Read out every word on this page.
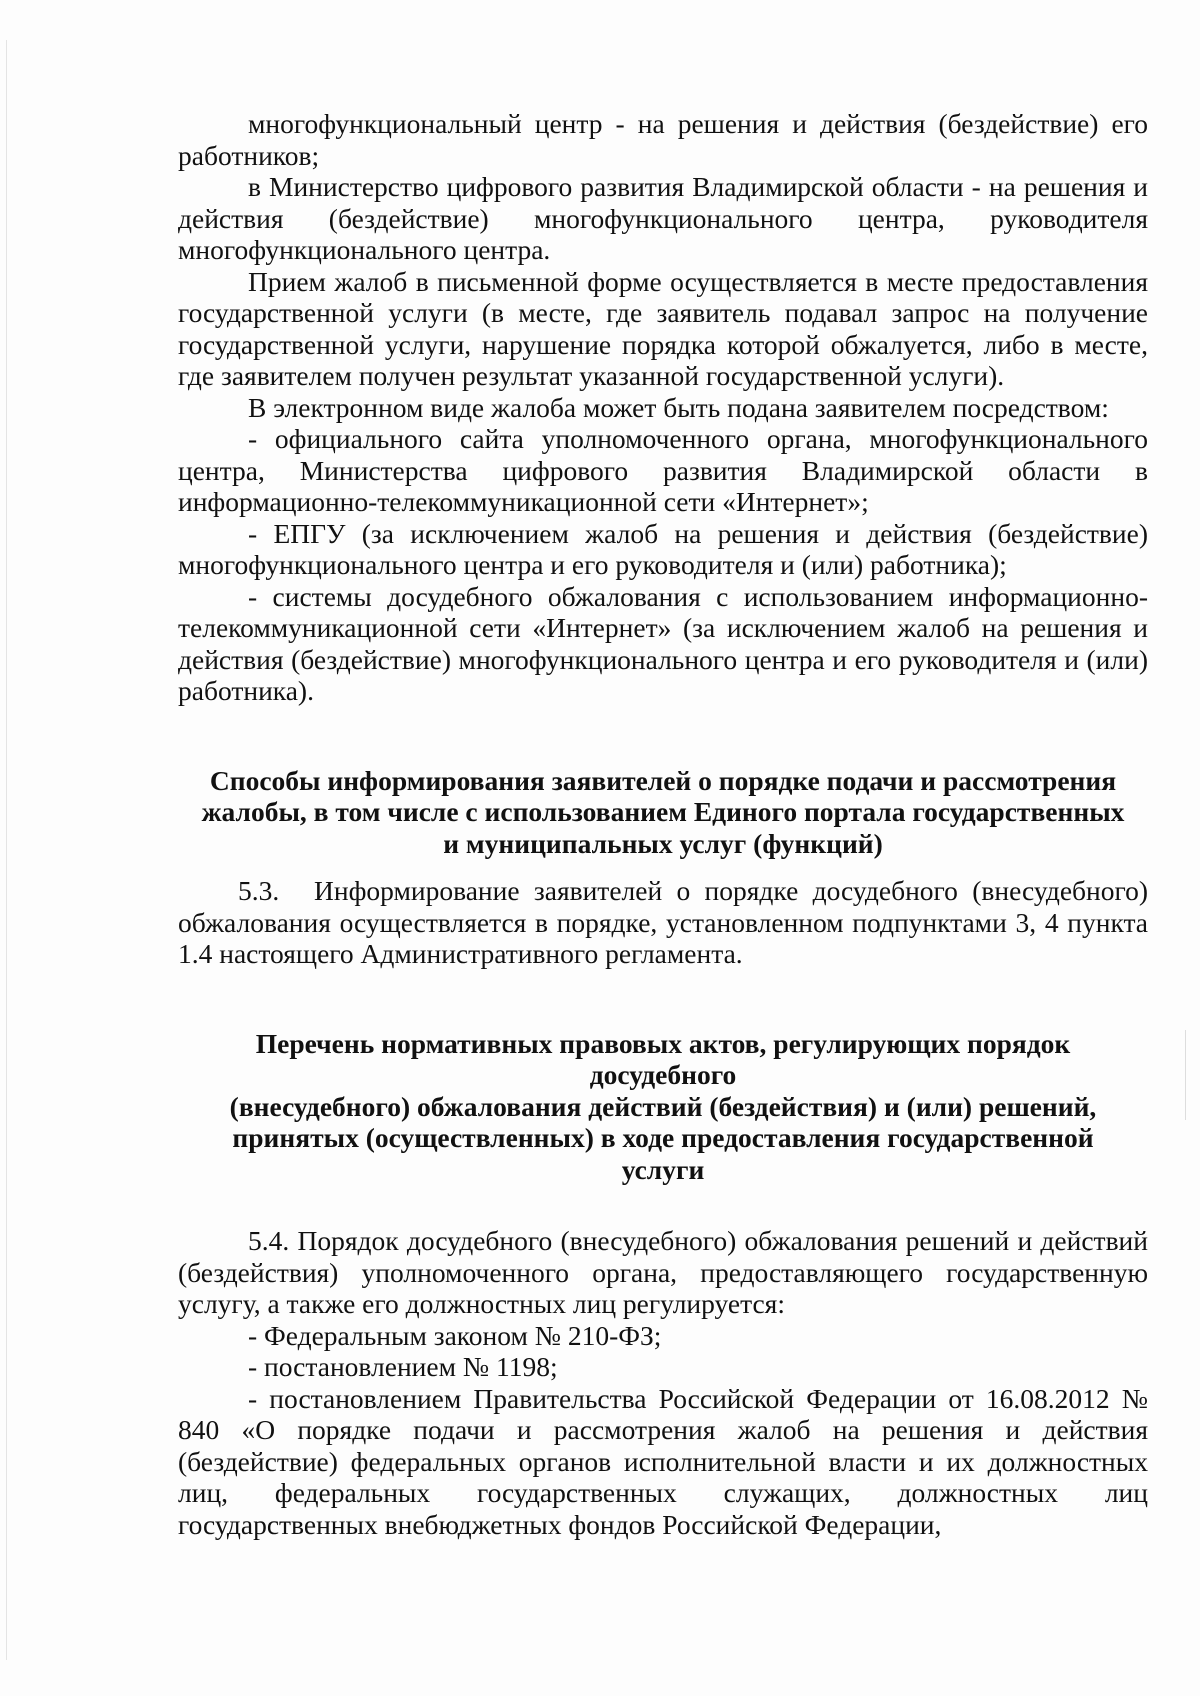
многофункциональный центр - на решения и действия (бездействие) его работников;

в Министерство цифрового развития Владимирской области - на решения и действия (бездействие) многофункционального центра, руководителя многофункционального центра.

Прием жалоб в письменной форме осуществляется в месте предоставления государственной услуги (в месте, где заявитель подавал запрос на получение государственной услуги, нарушение порядка которой обжалуется, либо в месте, где заявителем получен результат указанной государственной услуги).

В электронном виде жалоба может быть подана заявителем посредством:

- официального сайта уполномоченного органа, многофункционального центра, Министерства цифрового развития Владимирской области в информационно-телекоммуникационной сети «Интернет»;

- ЕПГУ (за исключением жалоб на решения и действия (бездействие) многофункционального центра и его руководителя и (или) работника);

- системы досудебного обжалования с использованием информационно-телекоммуникационной сети «Интернет» (за исключением жалоб на решения и действия (бездействие) многофункционального центра и его руководителя и (или) работника).

Способы информирования заявителей о порядке подачи и рассмотрения
жалобы, в том числе с использованием Единого портала государственных
и муниципальных услуг (функций)

5.3. Информирование заявителей о порядке досудебного (внесудебного) обжалования осуществляется в порядке, установленном подпунктами 3, 4 пункта 1.4 настоящего Административного регламента.

Перечень нормативных правовых актов, регулирующих порядок
досудебного
(внесудебного) обжалования действий (бездействия) и (или) решений,
принятых (осуществленных) в ходе предоставления государственной
услуги

5.4. Порядок досудебного (внесудебного) обжалования решений и действий (бездействия) уполномоченного органа, предоставляющего государственную услугу, а также его должностных лиц регулируется:

- Федеральным законом № 210-ФЗ;

- постановлением № 1198;

- постановлением Правительства Российской Федерации от 16.08.2012 № 840 «О порядке подачи и рассмотрения жалоб на решения и действия (бездействие) федеральных органов исполнительной власти и их должностных лиц, федеральных государственных служащих, должностных лиц государственных внебюджетных фондов Российской Федерации,
